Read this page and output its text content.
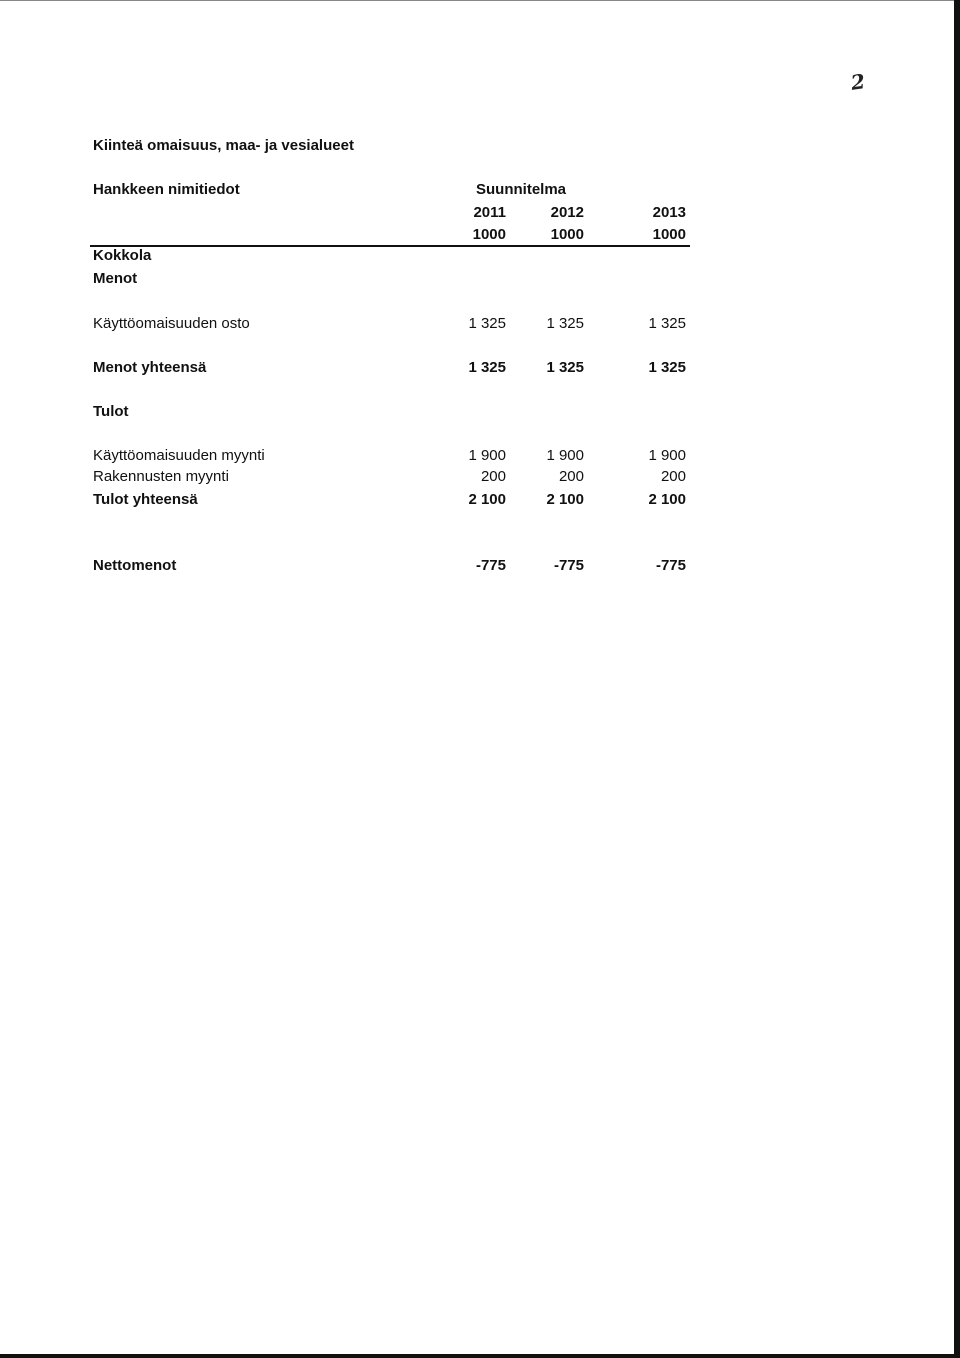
2
Kiinteä omaisuus, maa- ja vesialueet
Hankkeen nimitiedot	Suunnitelma
2011	2012	2013
1000	1000	1000
Kokkola
Menot
Käyttöomaisuuden osto	1 325	1 325	1 325
Menot yhteensä	1 325	1 325	1 325
Tulot
Käyttöomaisuuden myynti	1 900	1 900	1 900
Rakennusten myynti	200	200	200
Tulot yhteensä	2 100	2 100	2 100
Nettomenot	-775	-775	-775
